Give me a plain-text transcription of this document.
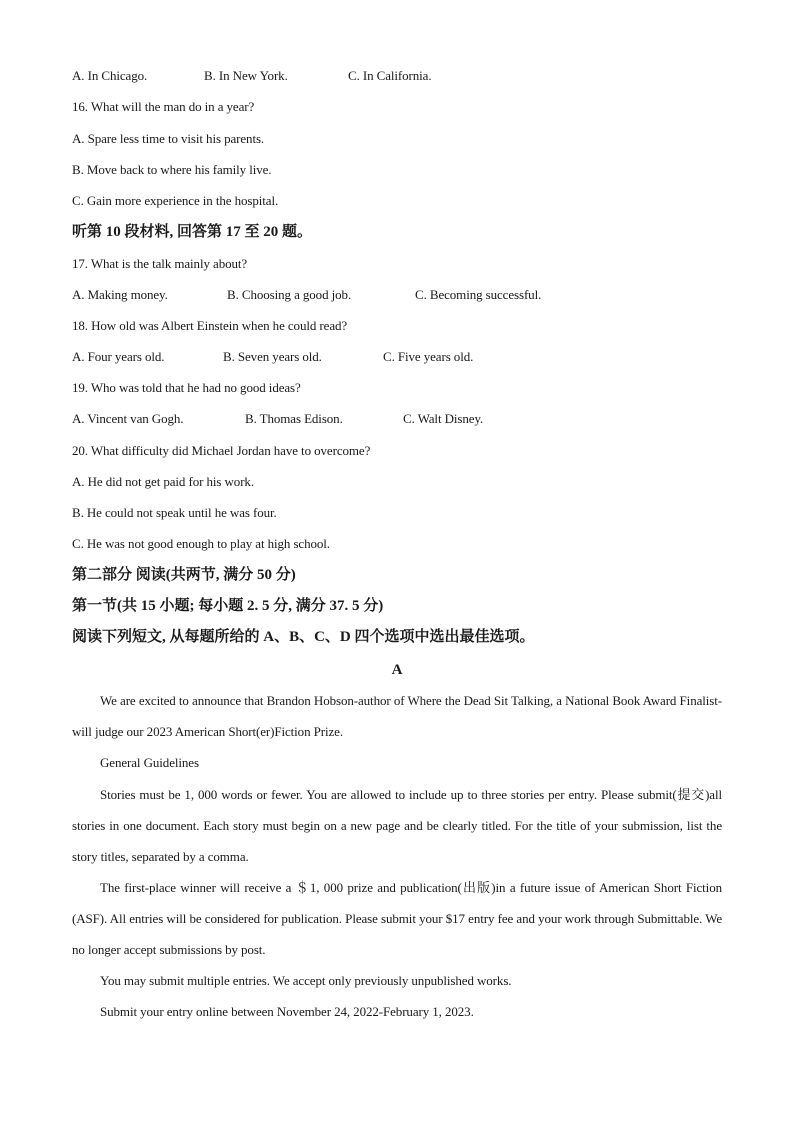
A. In Chicago.	B. In New York.	C. In California.
16. What will the man do in a year?
A. Spare less time to visit his parents.
B. Move back to where his family live.
C. Gain more experience in the hospital.
听第 10 段材料, 回答第 17 至 20 题。
17. What is the talk mainly about?
A. Making money.	B. Choosing a good job.	C. Becoming successful.
18. How old was Albert Einstein when he could read?
A. Four years old.	B. Seven years old.	C. Five years old.
19. Who was told that he had no good ideas?
A. Vincent van Gogh.	B. Thomas Edison.	C. Walt Disney.
20. What difficulty did Michael Jordan have to overcome?
A. He did not get paid for his work.
B. He could not speak until he was four.
C. He was not good enough to play at high school.
第二部分 阅读(共两节, 满分 50 分)
第一节(共 15 小题; 每小题 2. 5 分, 满分 37. 5 分)
阅读下列短文, 从每题所给的 A、B、C、D 四个选项中选出最佳选项。
A
We are excited to announce that Brandon Hobson-author of Where the Dead Sit Talking, a National Book Award Finalist-will judge our 2023 American Short(er)Fiction Prize.
General Guidelines
Stories must be 1, 000 words or fewer. You are allowed to include up to three stories per entry. Please submit(提交)all stories in one document. Each story must begin on a new page and be clearly titled. For the title of your submission, list the story titles, separated by a comma.
The first-place winner will receive a ＄1, 000 prize and publication(出版)in a future issue of American Short Fiction (ASF). All entries will be considered for publication. Please submit your $17 entry fee and your work through Submittable. We no longer accept submissions by post.
You may submit multiple entries. We accept only previously unpublished works.
Submit your entry online between November 24, 2022-February 1, 2023.
